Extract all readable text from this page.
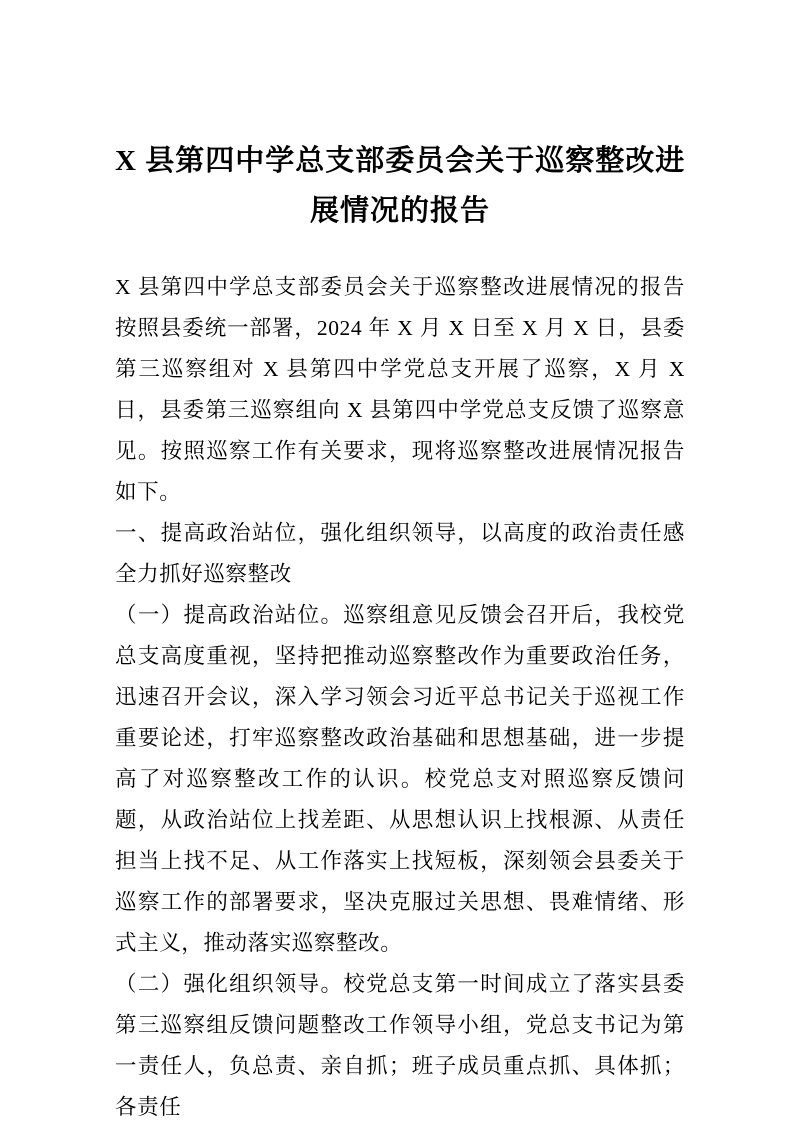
X 县第四中学总支部委员会关于巡察整改进
展情况的报告

X 县第四中学总支部委员会关于巡察整改进展情况的报告按照县委统一部署，2024 年 X 月 X 日至 X 月 X 日，县委第三巡察组对 X 县第四中学党总支开展了巡察，X 月 X 日，县委第三巡察组向 X 县第四中学党总支反馈了巡察意见。按照巡察工作有关要求，现将巡察整改进展情况报告如下。

一、提高政治站位，强化组织领导，以高度的政治责任感全力抓好巡察整改

（一）提高政治站位。巡察组意见反馈会召开后，我校党总支高度重视，坚持把推动巡察整改作为重要政治任务，迅速召开会议，深入学习领会习近平总书记关于巡视工作重要论述，打牢巡察整改政治基础和思想基础，进一步提高了对巡察整改工作的认识。校党总支对照巡察反馈问题，从政治站位上找差距、从思想认识上找根源、从责任担当上找不足、从工作落实上找短板，深刻领会县委关于巡察工作的部署要求，坚决克服过关思想、畏难情绪、形式主义，推动落实巡察整改。

（二）强化组织领导。校党总支第一时间成立了落实县委第三巡察组反馈问题整改工作领导小组，党总支书记为第一责任人，负总责、亲自抓；班子成员重点抓、具体抓；各责任
